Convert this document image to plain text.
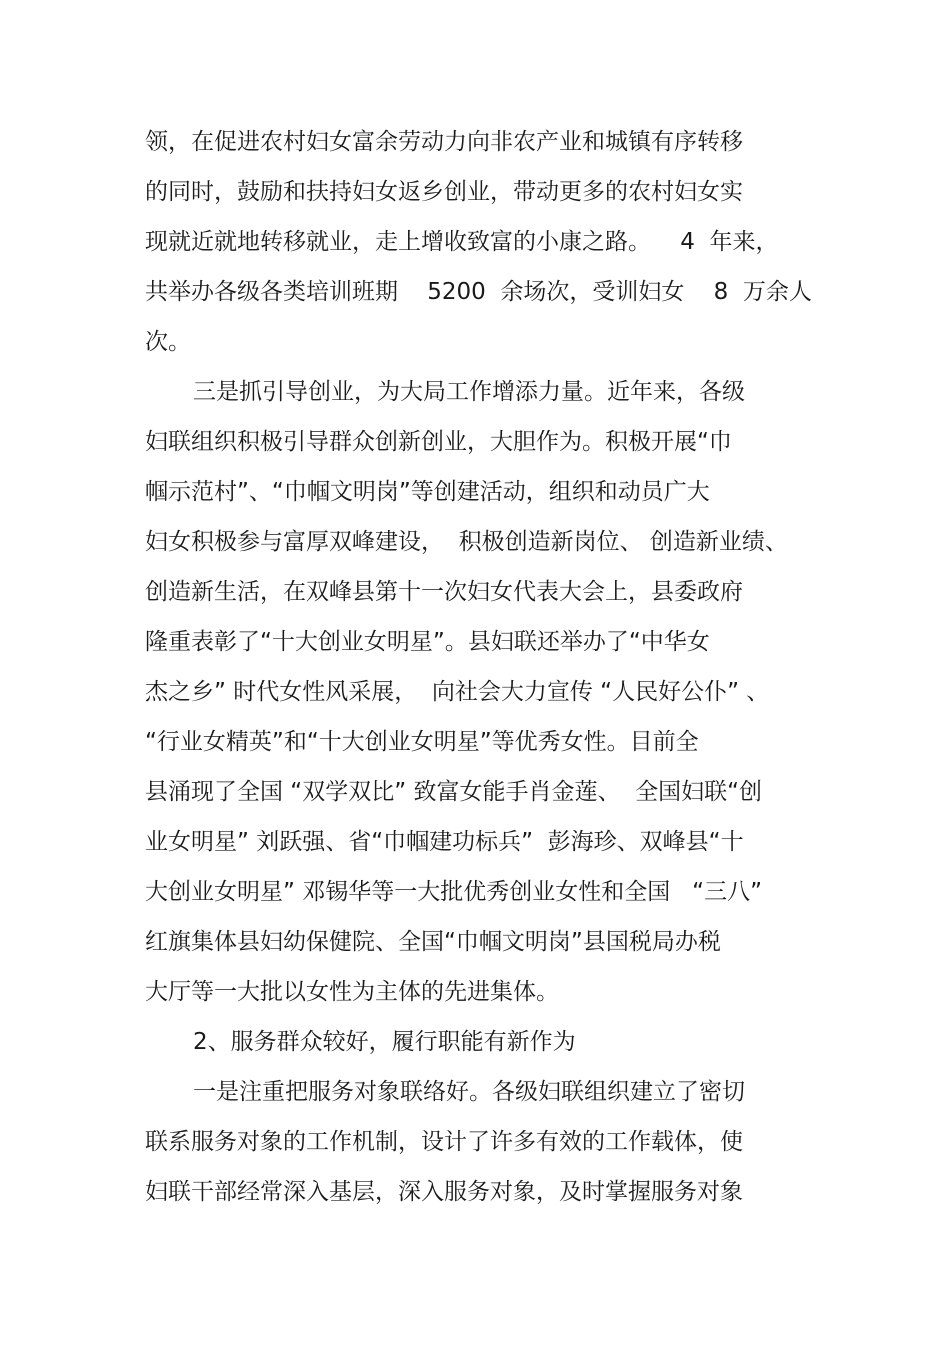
领，在促进农村妇女富余劳动力向非农产业和城镇有序转移
的同时，鼓励和扶持妇女返乡创业，带动更多的农村妇女实
现就近就地转移就业，走上增收致富的小康之路。    4  年来，
共举办各级各类培训班期    5200  余场次，受训妇女    8  万余人
次。
三是抓引导创业，为大局工作增添力量。近年来，各级
妇联组织积极引导群众创新创业，大胆作为。积极开展“巾
帼示范村”、“巾帼文明岗”等创建活动，组织和动员广大
妇女积极参与富厚双峰建设，  积极创造新岗位、 创造新业绩、
创造新生活，在双峰县第十一次妇女代表大会上，县委政府
隆重表彰了“十大创业女明星”。县妇联还举办了“中华女
杰之乡” 时代女性风采展，  向社会大力宣传 “人民好公仆” 、
“行业女精英”和“十大创业女明星”等优秀女性。目前全
县涌现了全国 “双学双比” 致富女能手肖金莲、  全国妇联“创
业女明星” 刘跃强、省“巾帼建功标兵”  彭海珍、双峰县“十
大创业女明星” 邓锡华等一大批优秀创业女性和全国   “三八”
红旗集体县妇幼保健院、全国“巾帼文明岗”县国税局办税
大厅等一大批以女性为主体的先进集体。
2、服务群众较好，履行职能有新作为
一是注重把服务对象联络好。各级妇联组织建立了密切
联系服务对象的工作机制，设计了许多有效的工作载体，使
妇联干部经常深入基层，深入服务对象，及时掌握服务对象
